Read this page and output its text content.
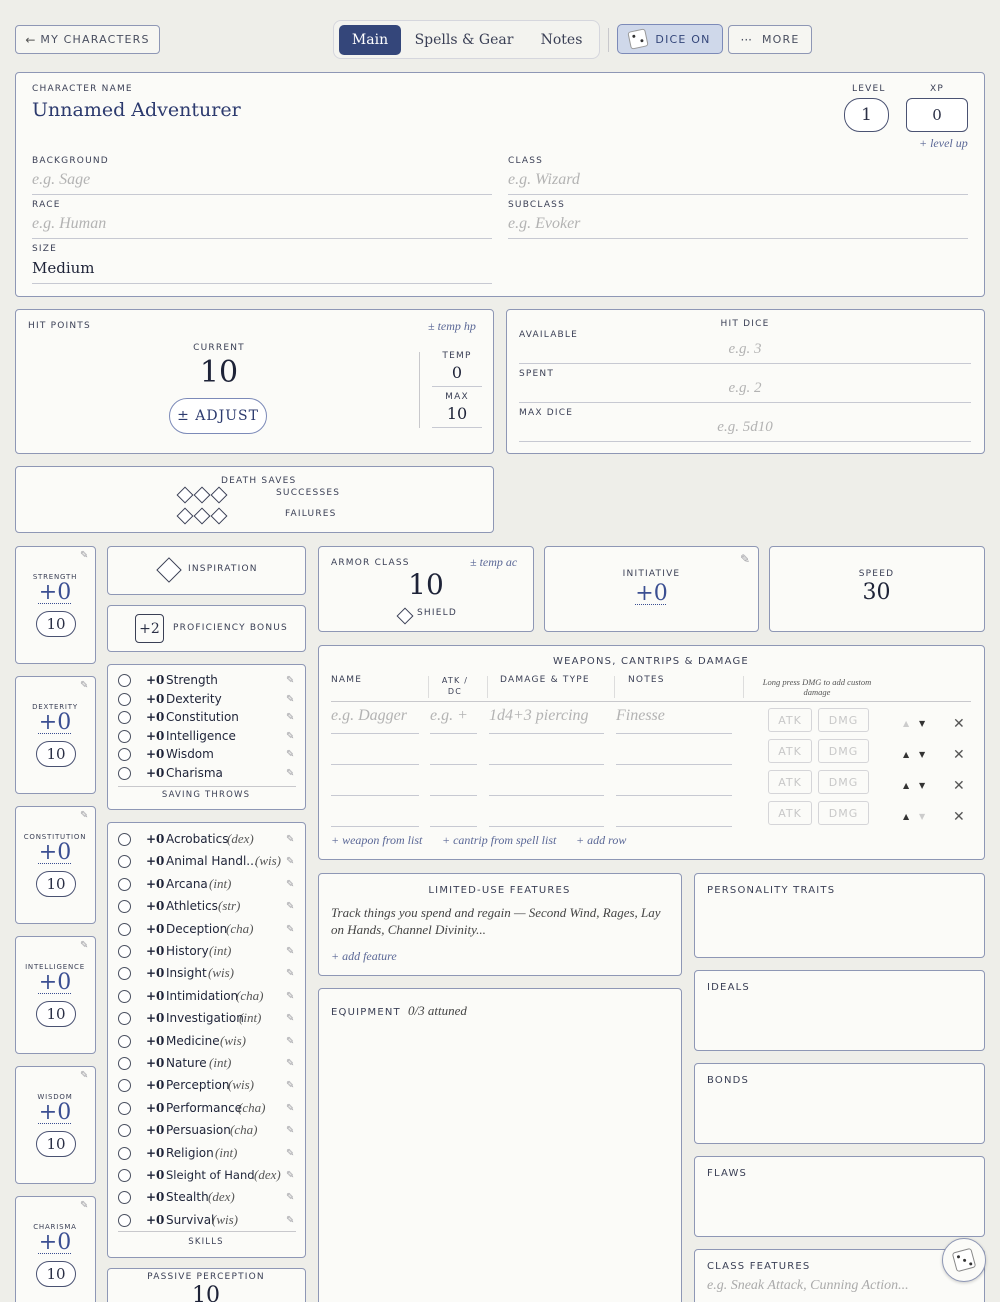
← MY CHARACTERS	Main	Spells & Gear	Notes	DICE ON ··· MORE
CHARACTER NAME
Unnamed Adventurer
LEVEL
1
XP
0
+ level up
BACKGROUND
e.g. Sage
CLASS
e.g. Wizard
RACE
e.g. Human
SUBCLASS
e.g. Evoker
SIZE
Medium
HIT POINTS	± temp hp
CURRENT
10
± ADJUST
TEMP
0
MAX
10
HIT DICE
AVAILABLE
e.g. 3
SPENT
e.g. 2
MAX DICE
e.g. 5d10
DEATH SAVES
SUCCESSES
FAILURES
✎
STRENGTH
+0
10
✎
DEXTERITY
+0
10
✎
CONSTITUTION
+0
10
✎
INTELLIGENCE
+0
10
✎
WISDOM
+0
10
✎
CHARISMA
+0
10
INSPIRATION
+2	PROFICIENCY BONUS
+0 Strength	✎
+0 Dexterity	✎
+0 Constitution	✎
+0 Intelligence	✎
+0 Wisdom	✎
+0 Charisma	✎
SAVING THROWS
+0 Acrobatics
(dex)	✎
+0 Animal Handl...
(wis) ✎
+0 Arcana (int)	✎
+0 Athletics (str)	✎
+0 Deception
(cha)	✎
+0 History (int)	✎
+0 Insight (wis)	✎
+0 Intimidation
(cha) ✎
+0 Investigation
(int) ✎
+0 Medicine (wis)	✎
+0 Nature (int)	✎
+0 Perception
(wis)	✎
+0 Performance
(cha) ✎
+0 Persuasion (cha)	✎
+0 Religion (int)	✎
+0 Sleight of Hand (dex) ✎
+0 Stealth (dex)	✎
+0 Survival
(wis)	✎
SKILLS
PASSIVE PERCEPTION
10
ARMOR CLASS	± temp ac
10
SHIELD
✎
INITIATIVE
+0
SPEED
30
WEAPONS, CANTRIPS & DAMAGE
NAME	ATK / DC
DAMAGE & TYPE	NOTES	Long press DMG to add custom damage
e.g. Dagger	e.g. +	1d4+3 piercing	Finesse	ATK	DMG	▲ ▼ ✕
ATK	DMG	▲ ▼ ✕
ATK	DMG	▲ ▼ ✕
ATK	DMG	▲ ▼ ✕
+ weapon from list + cantrip from spell list + add row
LIMITED-USE FEATURES
Track things you spend and regain — Second Wind, Rages, Lay on Hands, Channel Divinity...
+ add feature
EQUIPMENT 0/3 attuned
PERSONALITY TRAITS
IDEALS
BONDS
FLAWS
CLASS FEATURES
e.g. Sneak Attack, Cunning Action...
